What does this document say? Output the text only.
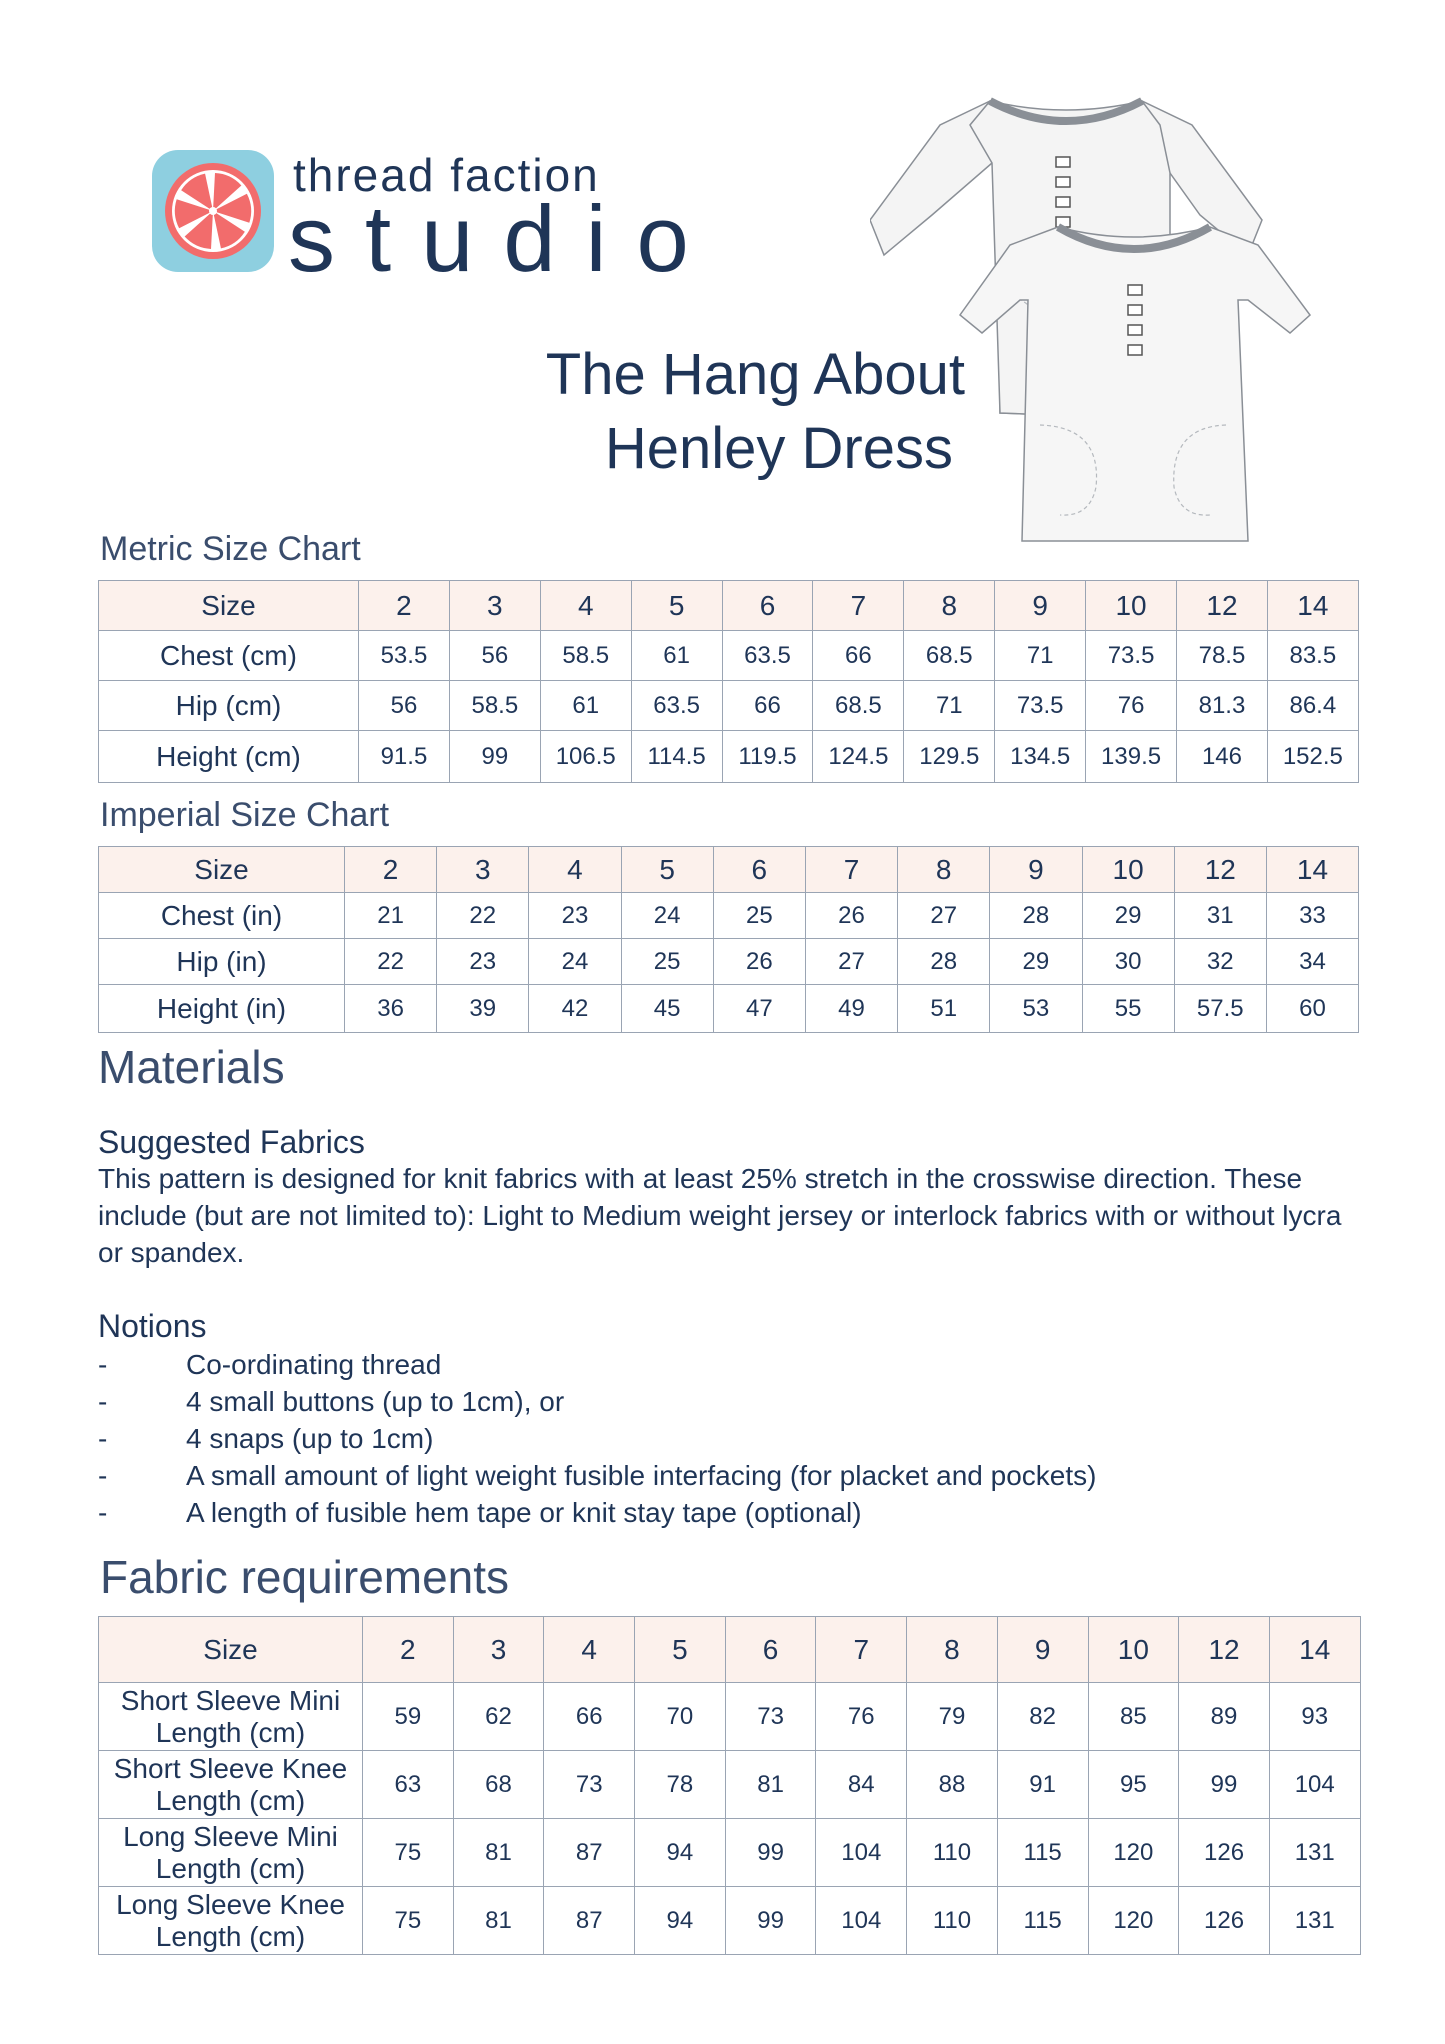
thread faction
studio
The Hang About
Henley Dress
Metric Size Chart
Size	2	3	4	5	6	7	8	9	10	12	14
Chest (cm)	53.5	56	58.5	61	63.5	66	68.5	71	73.5	78.5	83.5
Hip (cm)	56	58.5	61	63.5	66	68.5	71	73.5	76	81.3	86.4
Height (cm)	91.5	99	106.5	114.5	119.5	124.5	129.5	134.5	139.5	146	152.5
Imperial Size Chart
Size	2	3	4	5	6	7	8	9	10	12	14
Chest (in)	21	22	23	24	25	26	27	28	29	31	33
Hip (in)	22	23	24	25	26	27	28	29	30	32	34
Height (in)	36	39	42	45	47	49	51	53	55	57.5	60
Materials
Suggested Fabrics

This pattern is designed for knit fabrics with at least 25% stretch in the crosswise direction. These include (but are not limited to): Light to Medium weight jersey or interlock fabrics with or without lycra or spandex.

Notions
-	Co-ordinating thread
-	4 small buttons (up to 1cm), or
-	4 snaps (up to 1cm)
-	A small amount of light weight fusible interfacing (for placket and pockets)
-	A length of fusible hem tape or knit stay tape (optional)
Fabric requirements
Size	2	3	4	5	6	7	8	9	10	12	14
Short Sleeve Mini
Length (cm)	59	62	66	70	73	76	79	82	85	89	93
Short Sleeve Knee
Length (cm)	63	68	73	78	81	84	88	91	95	99	104
Long Sleeve Mini
Length (cm)	75	81	87	94	99	104	110	115	120	126	131
Long Sleeve Knee
Length (cm)	75	81	87	94	99	104	110	115	120	126	131
